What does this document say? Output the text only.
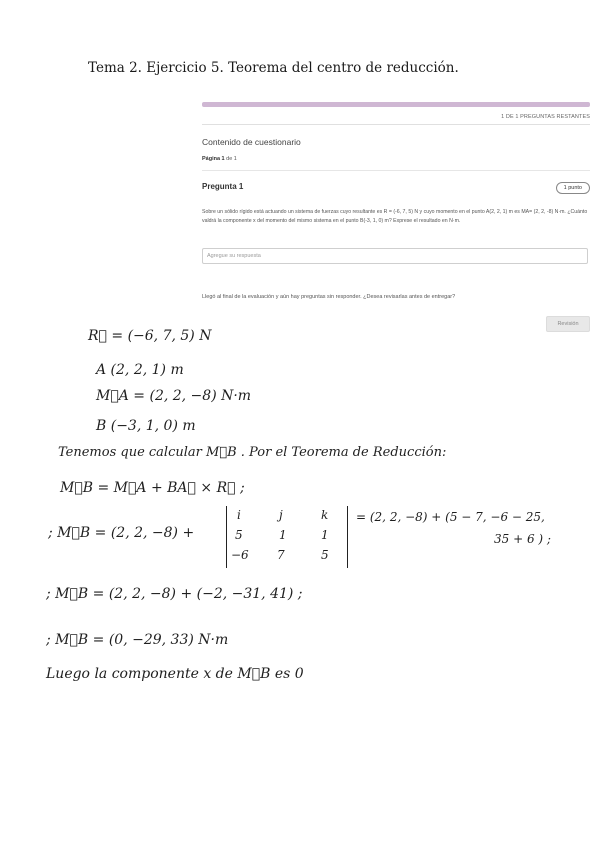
Tema 2. Ejercicio 5. Teorema del centro de reducción.
1 DE 1 PREGUNTAS RESTANTES
Contenido de cuestionario
Página 1 de 1
Pregunta 1	1 punto
Sobre un sólido rígido está actuando un sistema de fuerzas cuyo resultante es R = (-6, 7, 5) N y cuyo momento en el punto A(2, 2, 1) m es MA= (2, 2, -8) N·m. ¿Cuánto valdrá la componente x del momento del mismo sistema en el punto B(-3, 1, 0) m? Exprese el resultado en N·m.
Agregue su respuesta
Llegó al final de la evaluación y aún hay preguntas sin responder. ¿Desea revisarlas antes de entregar?
Revisión
R⃗ = (−6, 7, 5) N
A (2, 2, 1) m
M⃗A = (2, 2, −8) N·m
B (−3, 1, 0) m
Tenemos que calcular M⃗B . Por el Teorema de Reducción:
M⃗B = M⃗A + BA⃗ × R⃗ ;
; M⃗B = (2, 2, −8) +
i	j	k
5	1	1
−6 7	5
= (2, 2, −8) + (5 − 7, −6 − 25,
35 + 6 ) ;
; M⃗B = (2, 2, −8) + (−2, −31, 41) ;
; M⃗B = (0, −29, 33) N·m
Luego la componente x de M⃗B es 0
